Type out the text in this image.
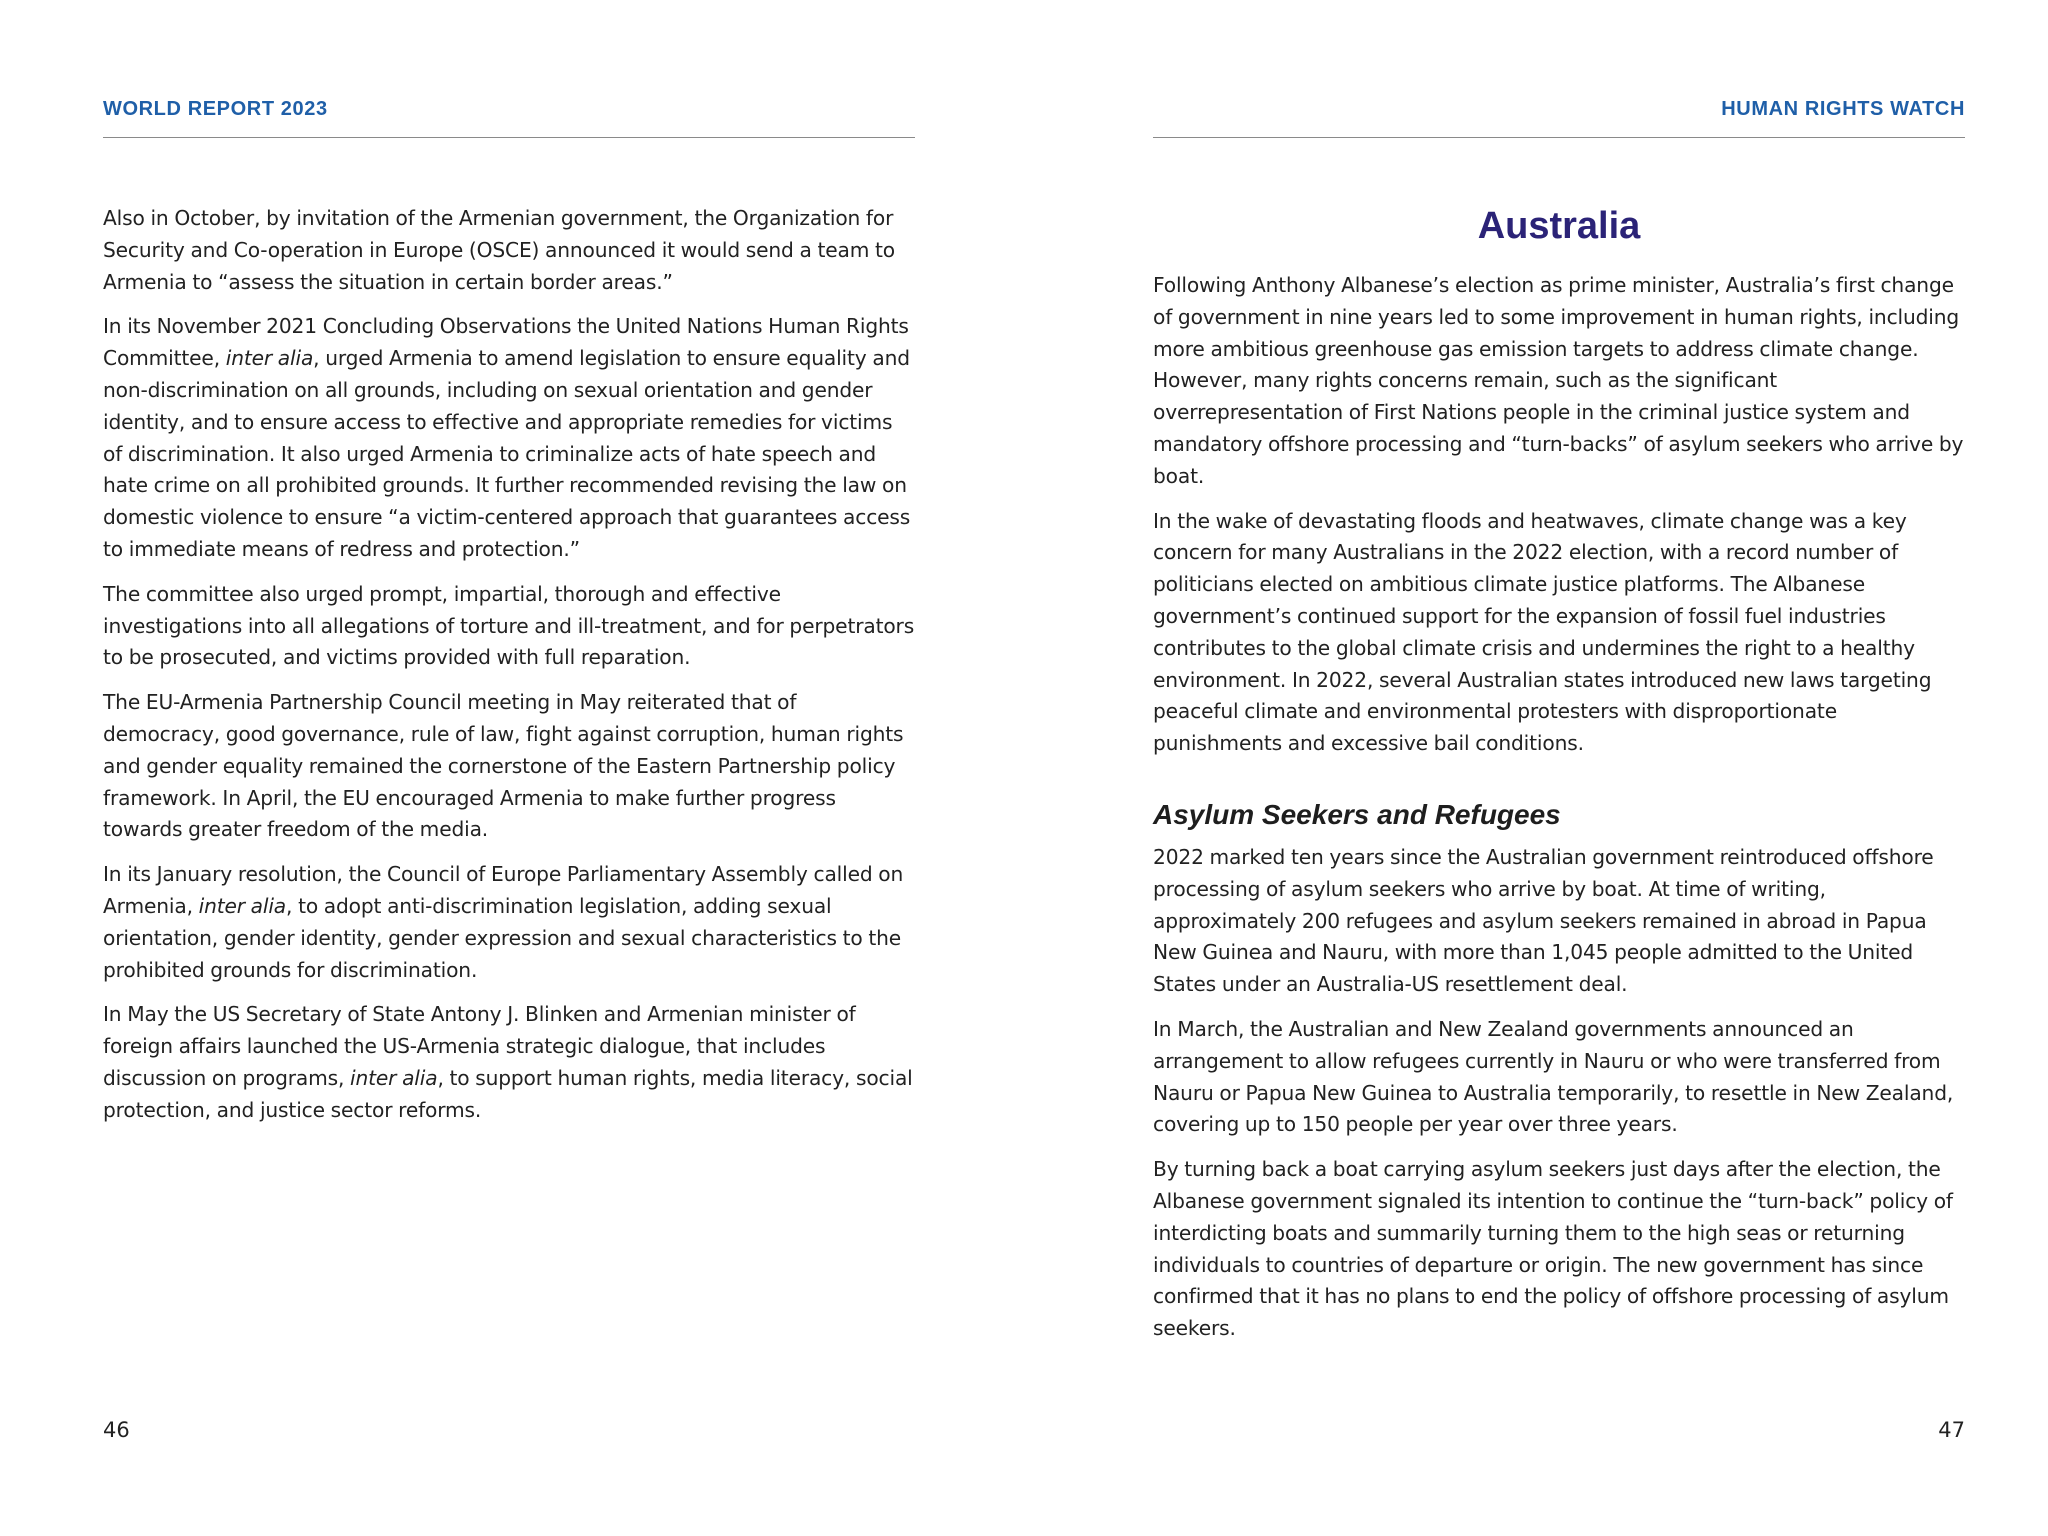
WORLD REPORT 2023

Also in October, by invitation of the Armenian government, the Organization for Security and Co-operation in Europe (OSCE) announced it would send a team to Armenia to “assess the situation in certain border areas.”

In its November 2021 Concluding Observations the United Nations Human Rights Committee, inter alia, urged Armenia to amend legislation to ensure equality and non-discrimination on all grounds, including on sexual orientation and gender identity, and to ensure access to effective and appropriate remedies for victims of discrimination. It also urged Armenia to criminalize acts of hate speech and hate crime on all prohibited grounds. It further recommended revising the law on domestic violence to ensure “a victim-centered approach that guarantees access to immediate means of redress and protection.”

The committee also urged prompt, impartial, thorough and effective investigations into all allegations of torture and ill-treatment, and for perpetrators to be prosecuted, and victims provided with full reparation.

The EU-Armenia Partnership Council meeting in May reiterated that of democracy, good governance, rule of law, fight against corruption, human rights and gender equality remained the cornerstone of the Eastern Partnership policy framework. In April, the EU encouraged Armenia to make further progress towards greater freedom of the media.

In its January resolution, the Council of Europe Parliamentary Assembly called on Armenia, inter alia, to adopt anti-discrimination legislation, adding sexual orientation, gender identity, gender expression and sexual characteristics to the prohibited grounds for discrimination.

In May the US Secretary of State Antony J. Blinken and Armenian minister of foreign affairs launched the US-Armenia strategic dialogue, that includes discussion on programs, inter alia, to support human rights, media literacy, social protection, and justice sector reforms.

46
HUMAN RIGHTS WATCH
Australia

Following Anthony Albanese’s election as prime minister, Australia’s first change of government in nine years led to some improvement in human rights, including more ambitious greenhouse gas emission targets to address climate change. However, many rights concerns remain, such as the significant overrepresentation of First Nations people in the criminal justice system and mandatory offshore processing and “turn-backs” of asylum seekers who arrive by boat.

In the wake of devastating floods and heatwaves, climate change was a key concern for many Australians in the 2022 election, with a record number of politicians elected on ambitious climate justice platforms. The Albanese government’s continued support for the expansion of fossil fuel industries contributes to the global climate crisis and undermines the right to a healthy environment. In 2022, several Australian states introduced new laws targeting peaceful climate and environmental protesters with disproportionate punishments and excessive bail conditions.

Asylum Seekers and Refugees

2022 marked ten years since the Australian government reintroduced offshore processing of asylum seekers who arrive by boat. At time of writing, approximately 200 refugees and asylum seekers remained in abroad in Papua New Guinea and Nauru, with more than 1,045 people admitted to the United States under an Australia-US resettlement deal.

In March, the Australian and New Zealand governments announced an arrangement to allow refugees currently in Nauru or who were transferred from Nauru or Papua New Guinea to Australia temporarily, to resettle in New Zealand, covering up to 150 people per year over three years.

By turning back a boat carrying asylum seekers just days after the election, the Albanese government signaled its intention to continue the “turn-back” policy of interdicting boats and summarily turning them to the high seas or returning individuals to countries of departure or origin. The new government has since confirmed that it has no plans to end the policy of offshore processing of asylum seekers.

47
